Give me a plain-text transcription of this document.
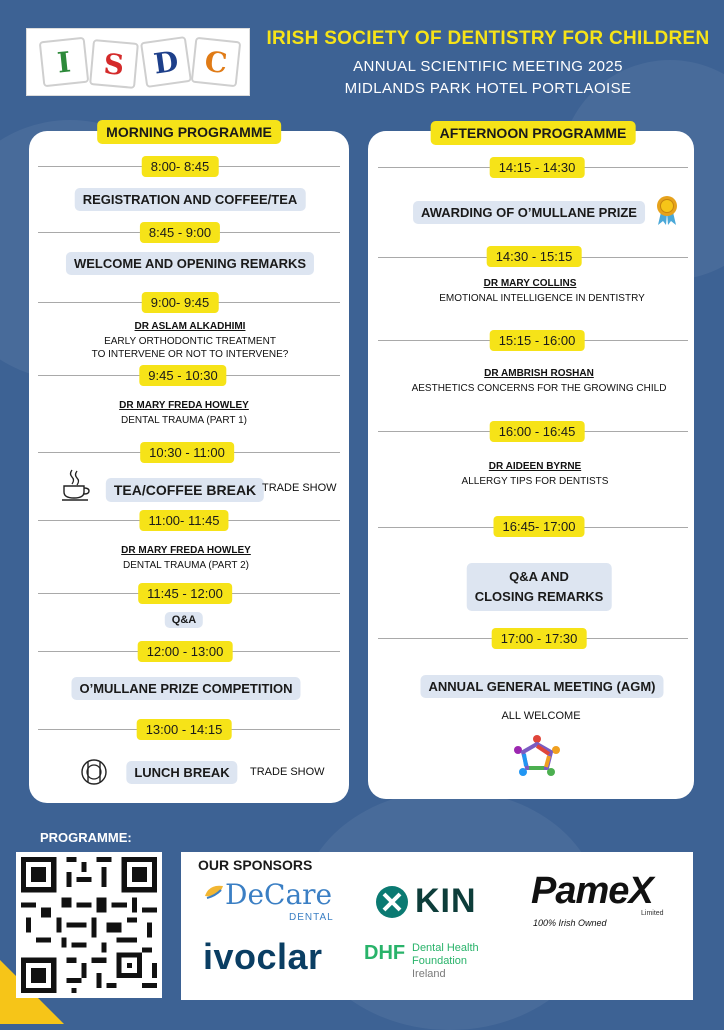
I	S D C
IRISH SOCIETY OF DENTISTRY FOR CHILDREN
ANNUAL SCIENTIFIC MEETING 2025
MIDLANDS PARK HOTEL PORTLAOISE
MORNING PROGRAMME
8:00- 8:45
REGISTRATION AND COFFEE/TEA
8:45 - 9:00
WELCOME AND OPENING REMARKS
9:00- 9:45
DR ASLAM ALKADHIMI
EARLY ORTHODONTIC TREATMENT
TO INTERVENE OR NOT TO INTERVENE?
9:45 - 10:30
DR MARY FREDA HOWLEY
DENTAL TRAUMA (PART 1)
10:30 - 11:00
TEA/COFFEE BREAK TRADE SHOW
11:00- 11:45
DR MARY FREDA HOWLEY
DENTAL TRAUMA (PART 2)
11:45 - 12:00
Q&A
12:00 - 13:00
O’MULLANE PRIZE COMPETITION
13:00 - 14:15
LUNCH BREAK	TRADE SHOW
AFTERNOON PROGRAMME
14:15 - 14:30
AWARDING OF O’MULLANE PRIZE
14:30 - 15:15
DR MARY COLLINS
EMOTIONAL INTELLIGENCE IN DENTISTRY
15:15 - 16:00
DR AMBRISH ROSHAN
AESTHETICS CONCERNS FOR THE GROWING CHILD
16:00 - 16:45
DR AIDEEN BYRNE
ALLERGY TIPS FOR DENTISTS
16:45- 17:00
Q&A AND
CLOSING REMARKS
17:00 - 17:30
ANNUAL GENERAL MEETING (AGM)
ALL WELCOME
PROGRAMME:
OUR SPONSORS
DeCare
DENTAL KIN PameX
Limited
100% Irish Owned
ivoclar DHF Dental Health
Foundation
Ireland
